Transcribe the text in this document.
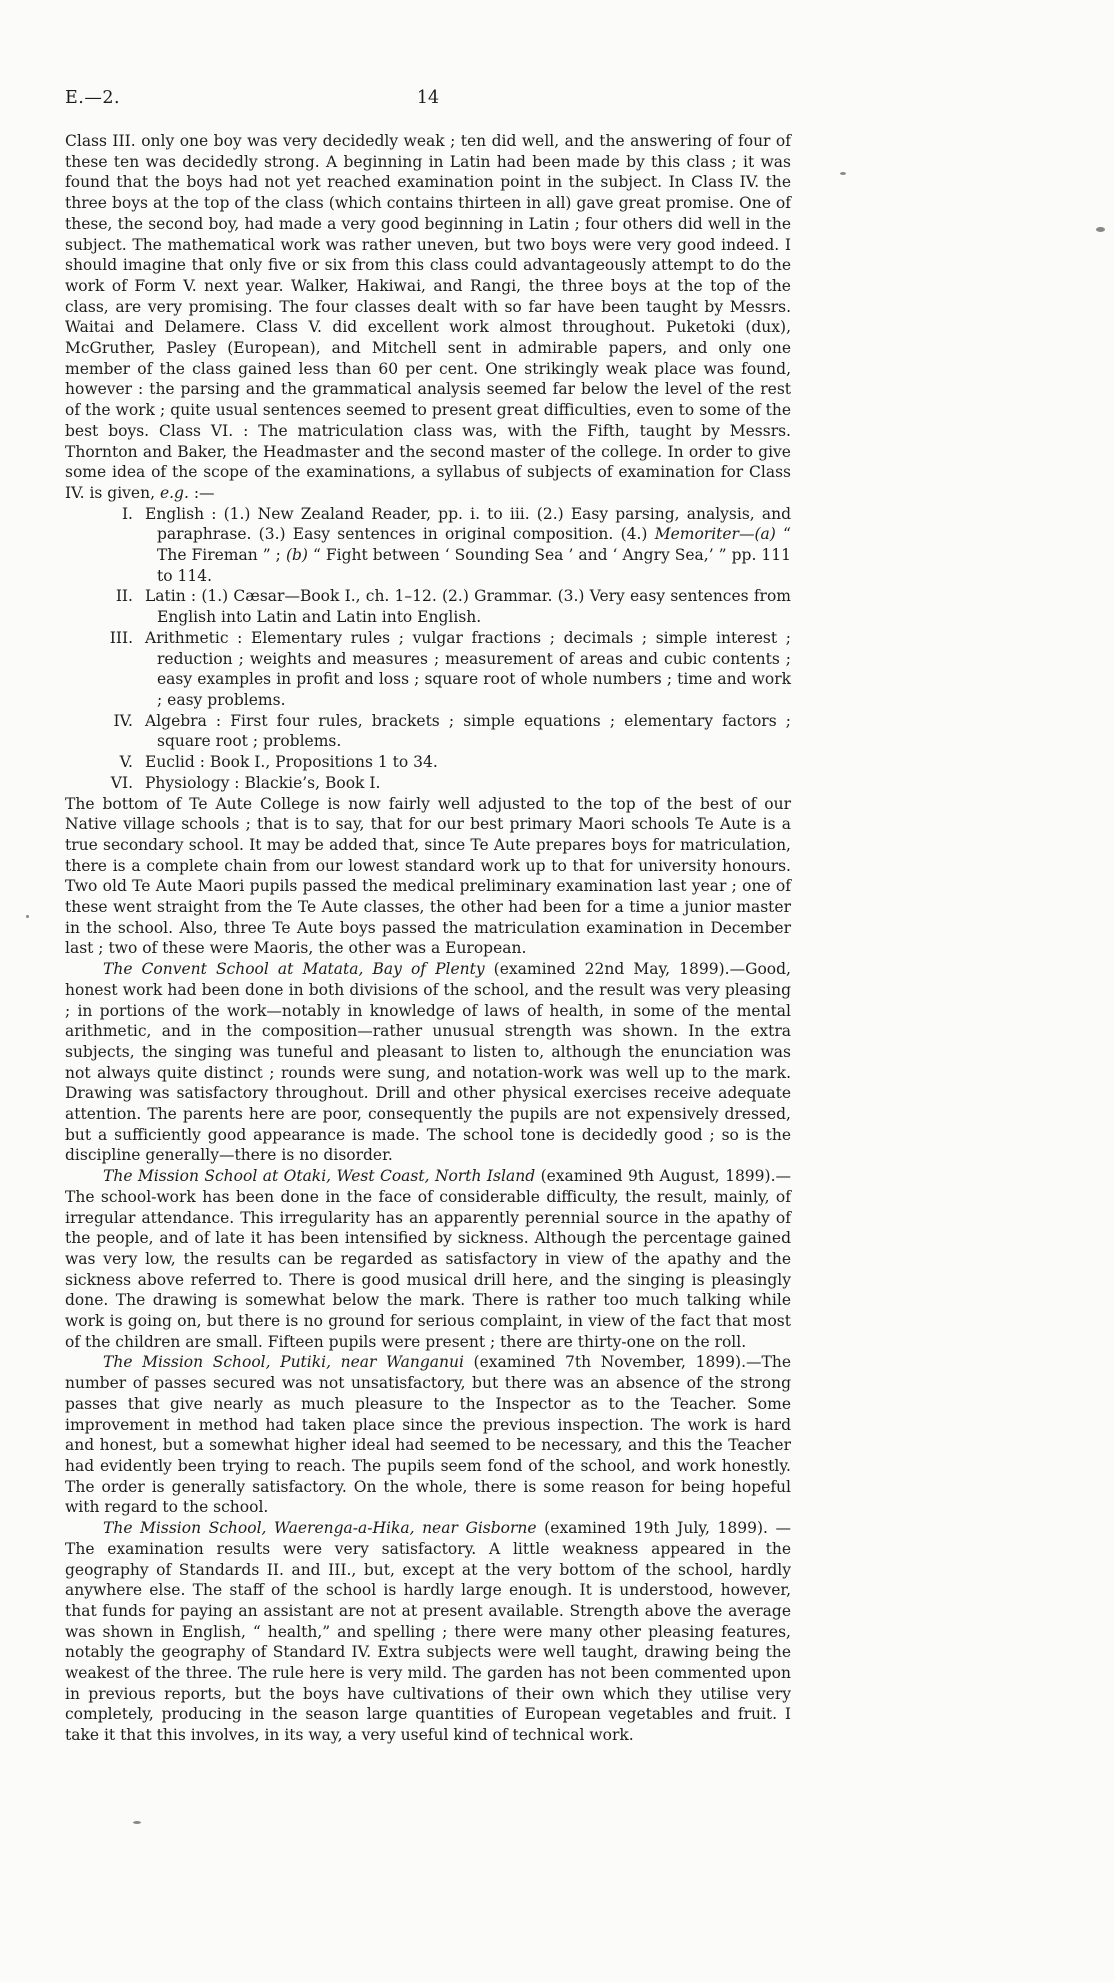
E.—2.	14

Class III. only one boy was very decidedly weak ; ten did well, and the answering of four of these ten was decidedly strong. A beginning in Latin had been made by this class ; it was found that the boys had not yet reached examination point in the subject. In Class IV. the three boys at the top of the class (which contains thirteen in all) gave great promise. One of these, the second boy, had made a very good beginning in Latin ; four others did well in the subject. The mathematical work was rather uneven, but two boys were very good indeed. I should imagine that only five or six from this class could advantageously attempt to do the work of Form V. next year. Walker, Hakiwai, and Rangi, the three boys at the top of the class, are very promising. The four classes dealt with so far have been taught by Messrs. Waitai and Delamere. Class V. did excellent work almost throughout. Puketoki (dux), McGruther, Pasley (European), and Mitchell sent in admirable papers, and only one member of the class gained less than 60 per cent. One strikingly weak place was found, however : the parsing and the grammatical analysis seemed far below the level of the rest of the work ; quite usual sentences seemed to present great difficulties, even to some of the best boys. Class VI. : The matriculation class was, with the Fifth, taught by Messrs. Thornton and Baker, the Headmaster and the second master of the college. In order to give some idea of the scope of the examinations, a syllabus of subjects of examination for Class IV. is given, e.g. :—

I. English : (1.) New Zealand Reader, pp. i. to iii. (2.) Easy parsing, analysis, and paraphrase. (3.) Easy sentences in original composition. (4.) Memoriter—(a) “ The Fireman ” ; (b) “ Fight between ‘ Sounding Sea ’ and ‘ Angry Sea,’ ” pp. 111 to 114.
II. Latin : (1.) Cæsar—Book I., ch. 1–12. (2.) Grammar. (3.) Very easy sentences from English into Latin and Latin into English.
III. Arithmetic : Elementary rules ; vulgar fractions ; decimals ; simple interest ; reduction ; weights and measures ; measurement of areas and cubic contents ; easy examples in profit and loss ; square root of whole numbers ; time and work ; easy problems.
IV. Algebra : First four rules, brackets ; simple equations ; elementary factors ; square root ; problems.
V. Euclid : Book I., Propositions 1 to 34.
VI. Physiology : Blackie’s, Book I.

The bottom of Te Aute College is now fairly well adjusted to the top of the best of our Native village schools ; that is to say, that for our best primary Maori schools Te Aute is a true secondary school. It may be added that, since Te Aute prepares boys for matriculation, there is a complete chain from our lowest standard work up to that for university honours. Two old Te Aute Maori pupils passed the medical preliminary examination last year ; one of these went straight from the Te Aute classes, the other had been for a time a junior master in the school. Also, three Te Aute boys passed the matriculation examination in December last ; two of these were Maoris, the other was a European.

The Convent School at Matata, Bay of Plenty (examined 22nd May, 1899).—Good, honest work had been done in both divisions of the school, and the result was very pleasing ; in portions of the work—notably in knowledge of laws of health, in some of the mental arithmetic, and in the composition—rather unusual strength was shown. In the extra subjects, the singing was tuneful and pleasant to listen to, although the enunciation was not always quite distinct ; rounds were sung, and notation-work was well up to the mark. Drawing was satisfactory throughout. Drill and other physical exercises receive adequate attention. The parents here are poor, consequently the pupils are not expensively dressed, but a sufficiently good appearance is made. The school tone is decidedly good ; so is the discipline generally—there is no disorder.

The Mission School at Otaki, West Coast, North Island (examined 9th August, 1899).—The school-work has been done in the face of considerable difficulty, the result, mainly, of irregular attendance. This irregularity has an apparently perennial source in the apathy of the people, and of late it has been intensified by sickness. Although the percentage gained was very low, the results can be regarded as satisfactory in view of the apathy and the sickness above referred to. There is good musical drill here, and the singing is pleasingly done. The drawing is somewhat below the mark. There is rather too much talking while work is going on, but there is no ground for serious complaint, in view of the fact that most of the children are small. Fifteen pupils were present ; there are thirty-one on the roll.

The Mission School, Putiki, near Wanganui (examined 7th November, 1899).—The number of passes secured was not unsatisfactory, but there was an absence of the strong passes that give nearly as much pleasure to the Inspector as to the Teacher. Some improvement in method had taken place since the previous inspection. The work is hard and honest, but a somewhat higher ideal had seemed to be necessary, and this the Teacher had evidently been trying to reach. The pupils seem fond of the school, and work honestly. The order is generally satisfactory. On the whole, there is some reason for being hopeful with regard to the school.

The Mission School, Waerenga-a-Hika, near Gisborne (examined 19th July, 1899). — The examination results were very satisfactory. A little weakness appeared in the geography of Standards II. and III., but, except at the very bottom of the school, hardly anywhere else. The staff of the school is hardly large enough. It is understood, however, that funds for paying an assistant are not at present available. Strength above the average was shown in English, “ health,” and spelling ; there were many other pleasing features, notably the geography of Standard IV. Extra subjects were well taught, drawing being the weakest of the three. The rule here is very mild. The garden has not been commented upon in previous reports, but the boys have cultivations of their own which they utilise very completely, producing in the season large quantities of European vegetables and fruit. I take it that this involves, in its way, a very useful kind of technical work.
